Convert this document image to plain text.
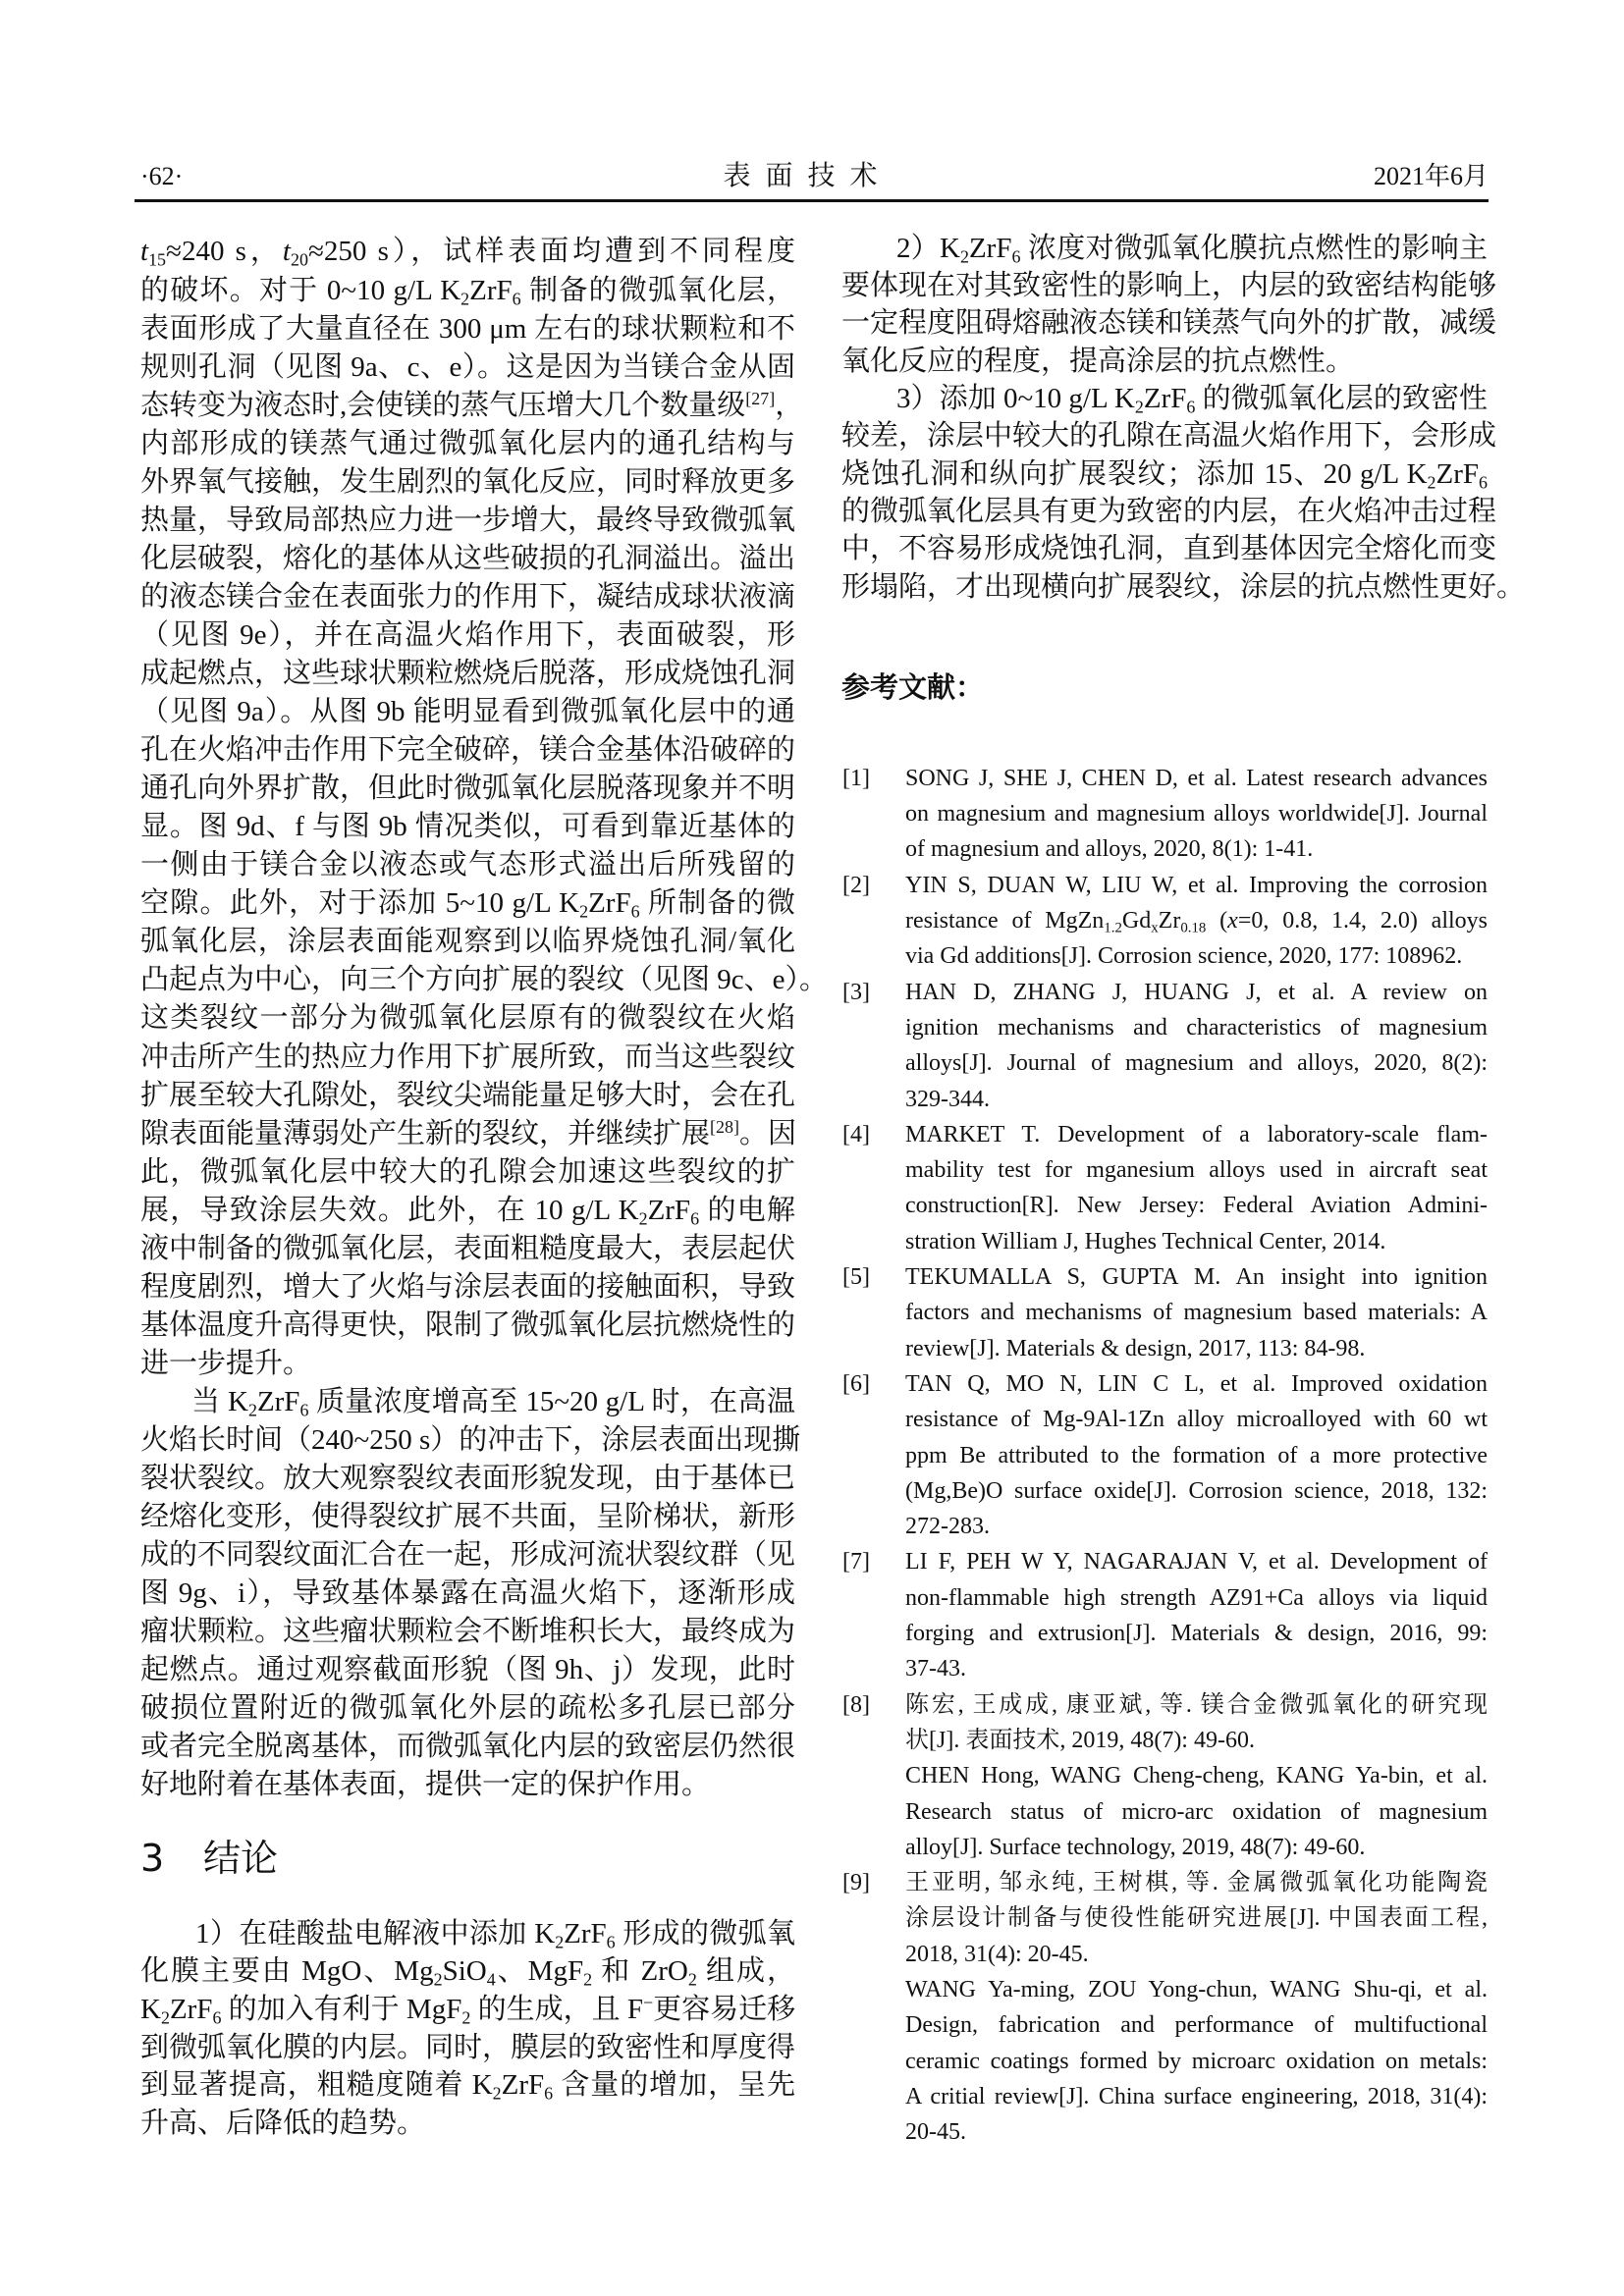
·62·	表 面 技 术	2021年6月
$t_{15}\approx 240$ s，$t_{20}\approx 250$ s），试样表面均遭到不同程度
的破坏。对于 0~10 g/L $K_2ZrF_6$ 制备的微弧氧化层，
表面形成了大量直径在 300 μm 左右的球状颗粒和不
规则孔洞（见图 9a、c、e）。这是因为当镁合金从固
态转变为液态时,会使镁的蒸气压增大几个数量级[27]，
内部形成的镁蒸气通过微弧氧化层内的通孔结构与
外界氧气接触，发生剧烈的氧化反应，同时释放更多
热量，导致局部热应力进一步增大，最终导致微弧氧
化层破裂，熔化的基体从这些破损的孔洞溢出。溢出
的液态镁合金在表面张力的作用下，凝结成球状液滴
（见图 9e），并在高温火焰作用下，表面破裂，形
成起燃点，这些球状颗粒燃烧后脱落，形成烧蚀孔洞
（见图 9a）。从图 9b 能明显看到微弧氧化层中的通
孔在火焰冲击作用下完全破碎，镁合金基体沿破碎的
通孔向外界扩散，但此时微弧氧化层脱落现象并不明
显。图 9d、f 与图 9b 情况类似，可看到靠近基体的
一侧由于镁合金以液态或气态形式溢出后所残留的
空隙。此外，对于添加 5~10 g/L $K_2ZrF_6$ 所制备的微
弧氧化层，涂层表面能观察到以临界烧蚀孔洞/氧化
凸起点为中心，向三个方向扩展的裂纹（见图 9c、e）。
这类裂纹一部分为微弧氧化层原有的微裂纹在火焰
冲击所产生的热应力作用下扩展所致，而当这些裂纹
扩展至较大孔隙处，裂纹尖端能量足够大时，会在孔
隙表面能量薄弱处产生新的裂纹，并继续扩展[28]。因
此，微弧氧化层中较大的孔隙会加速这些裂纹的扩
展，导致涂层失效。此外，在 10 g/L $K_2ZrF_6$ 的电解
液中制备的微弧氧化层，表面粗糙度最大，表层起伏
程度剧烈，增大了火焰与涂层表面的接触面积，导致
基体温度升高得更快，限制了微弧氧化层抗燃烧性的
进一步提升。
当 $K_2ZrF_6$ 质量浓度增高至 15~20 g/L 时，在高温
火焰长时间（240~250 s）的冲击下，涂层表面出现撕
裂状裂纹。放大观察裂纹表面形貌发现，由于基体已
经熔化变形，使得裂纹扩展不共面，呈阶梯状，新形
成的不同裂纹面汇合在一起，形成河流状裂纹群（见
图 9g、i），导致基体暴露在高温火焰下，逐渐形成
瘤状颗粒。这些瘤状颗粒会不断堆积长大，最终成为
起燃点。通过观察截面形貌（图 9h、j）发现，此时
破损位置附近的微弧氧化外层的疏松多孔层已部分
或者完全脱离基体，而微弧氧化内层的致密层仍然很
好地附着在基体表面，提供一定的保护作用。
3 结论
1）在硅酸盐电解液中添加 $K_2ZrF_6$ 形成的微弧氧
化膜主要由 MgO、$Mg_2SiO_4$、MgF$_2$ 和 ZrO$_2$ 组成，
$K_2ZrF_6$ 的加入有利于 MgF$_2$ 的生成，且 F−更容易迁移
到微弧氧化膜的内层。同时，膜层的致密性和厚度得
到显著提高，粗糙度随着 $K_2ZrF_6$ 含量的增加，呈先
升高、后降低的趋势。
$2)K_2ZrF_6$ 浓度对微弧氧化膜抗点燃性的影响主
要体现在对其致密性的影响上，内层的致密结构能够
一定程度阻碍熔融液态镁和镁蒸气向外的扩散，减缓
氧化反应的程度，提高涂层的抗点燃性。
3）添加 0~10 g/L $K_2ZrF_6$ 的微弧氧化层的致密性
较差，涂层中较大的孔隙在高温火焰作用下，会形成
烧蚀孔洞和纵向扩展裂纹；添加 15、20 g/L $K_2ZrF_6$
的微弧氧化层具有更为致密的内层，在火焰冲击过程
中，不容易形成烧蚀孔洞，直到基体因完全熔化而变
形塌陷，才出现横向扩展裂纹，涂层的抗点燃性更好。
参考文献：
[1] SONG J, SHE J, CHEN D, et al. Latest research advances
on magnesium and magnesium alloys worldwide[J]. Journal
of magnesium and alloys, 2020, 8(1): 1-41.
[2] YIN S, DUAN W, LIU W, et al. Improving the corrosion
resistance of $MgZn_{1.2}Gd_xZr_{0.18}$ (x=0, 0.8, 1.4, 2.0) alloys
via Gd additions[J]. Corrosion science, 2020, 177: 108962.
[3] HAN D, ZHANG J, HUANG J, et al. A review on
ignition mechanisms and characteristics of magnesium
alloys[J]. Journal of magnesium and alloys, 2020, 8(2):
329-344.
[4] MARKET T. Development of a laboratory-scale flam-
mability test for mganesium alloys used in aircraft seat
construction[R]. New Jersey: Federal Aviation Admini-
stration William J, Hughes Technical Center, 2014.
[5] TEKUMALLA S, GUPTA M. An insight into ignition
factors and mechanisms of magnesium based materials: A
review[J]. Materials & design, 2017, 113: 84-98.
[6] TAN Q, MO N, LIN C L, et al. Improved oxidation
resistance of Mg-9Al-1Zn alloy microalloyed with 60 wt
ppm Be attributed to the formation of a more protective
(Mg,Be)O surface oxide[J]. Corrosion science, 2018, 132:
272-283.
[7] LI F, PEH W Y, NAGARAJAN V, et al. Development of
non-flammable high strength AZ91+Ca alloys via liquid
forging and extrusion[J]. Materials & design, 2016, 99:
37-43.
[8] 陈宏, 王成成, 康亚斌, 等. 镁合金微弧氧化的研究现
状[J]. 表面技术, 2019, 48(7): 49-60.
CHEN Hong, WANG Cheng-cheng, KANG Ya-bin, et al.
Research status of micro-arc oxidation of magnesium
alloy[J]. Surface technology, 2019, 48(7): 49-60.
[9] 王亚明, 邹永纯, 王树棋, 等. 金属微弧氧化功能陶瓷
涂层设计制备与使役性能研究进展[J]. 中国表面工程,
2018, 31(4): 20-45.
WANG Ya-ming, ZOU Yong-chun, WANG Shu-qi, et al.
Design, fabrication and performance of multifuctional
ceramic coatings formed by microarc oxidation on metals:
A critial review[J]. China surface engineering, 2018, 31(4):
20-45.
